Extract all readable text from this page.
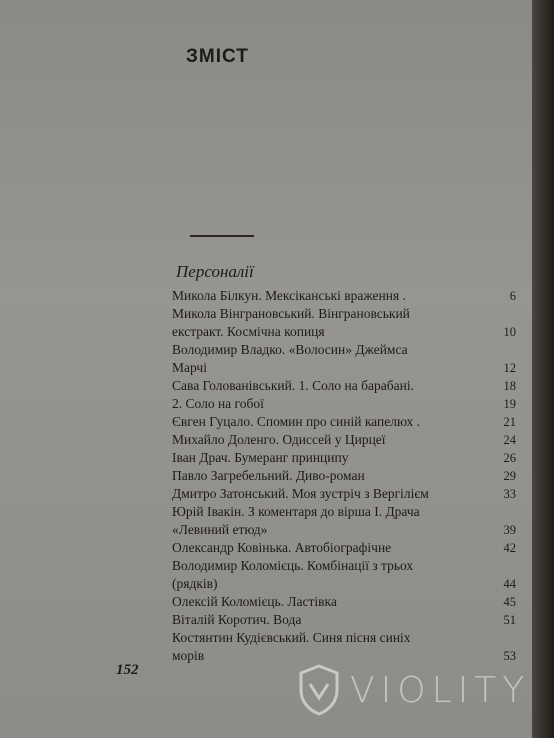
ЗМІСТ
Персоналії
Микола Білкун. Мексіканські враження .	6
Микола Вінграновський. Вінграновський
екстракт. Космічна копиця	10
Володимир Владко. «Волосин» Джеймса
Марчі	12
Сава Голованівський. 1. Соло на барабані.	18
2. Соло на гобої	19
Євген Гуцало. Спомин про синій капелюх .	21
Михайло Доленго. Одиссей у Цирцеї	24
Іван Драч. Бумеранг принципу	26
Павло Загребельний. Диво-роман	29
Дмитро Затонський. Моя зустріч з Вергілієм	33
Юрій Івакін. З коментаря до вірша І. Драча
«Левиний етюд»	39
Олександр Ковінька. Автобіографічне	42
Володимир Коломієць. Комбінації з трьох
(рядків)	44
Олексій Коломієць. Ластівка	45
Віталій Коротич. Вода	51
Костянтин Кудієвський. Синя пісня синіх
морів	53
152	VIOLITY
